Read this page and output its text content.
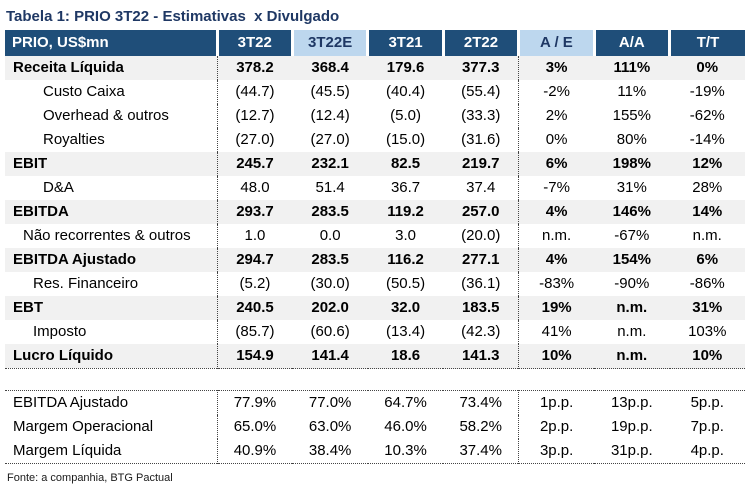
Tabela 1: PRIO 3T22 - Estimativas  x Divulgado
PRIO, US$mn	3T22	3T22E	3T21	2T22	A / E	A/A	T/T
Receita Líquida	378.2	368.4	179.6	377.3	3%	111%	0%
Custo Caixa	(44.7)	(45.5)	(40.4)	(55.4)	-2%	11%	-19%
Overhead & outros	(12.7)	(12.4)	(5.0)	(33.3)	2%	155%	-62%
Royalties	(27.0)	(27.0)	(15.0)	(31.6)	0%	80%	-14%
EBIT	245.7	232.1	82.5	219.7	6%	198%	12%
D&A	48.0	51.4	36.7	37.4	-7%	31%	28%
EBITDA	293.7	283.5	119.2	257.0	4%	146%	14%
Não recorrentes & outros	1.0	0.0	3.0	(20.0)	n.m.	-67%	n.m.
EBITDA Ajustado	294.7	283.5	116.2	277.1	4%	154%	6%
Res. Financeiro	(5.2)	(30.0)	(50.5)	(36.1)	-83%	-90%	-86%
EBT	240.5	202.0	32.0	183.5	19%	n.m.	31%
Imposto	(85.7)	(60.6)	(13.4)	(42.3)	41%	n.m.	103%
Lucro Líquido	154.9	141.4	18.6	141.3	10%	n.m.	10%
EBITDA Ajustado	77.9%	77.0%	64.7%	73.4%	1p.p.	13p.p.	5p.p.
Margem Operacional	65.0%	63.0%	46.0%	58.2%	2p.p.	19p.p.	7p.p.
Margem Líquida	40.9%	38.4%	10.3%	37.4%	3p.p.	31p.p.	4p.p.
Fonte: a companhia, BTG Pactual
